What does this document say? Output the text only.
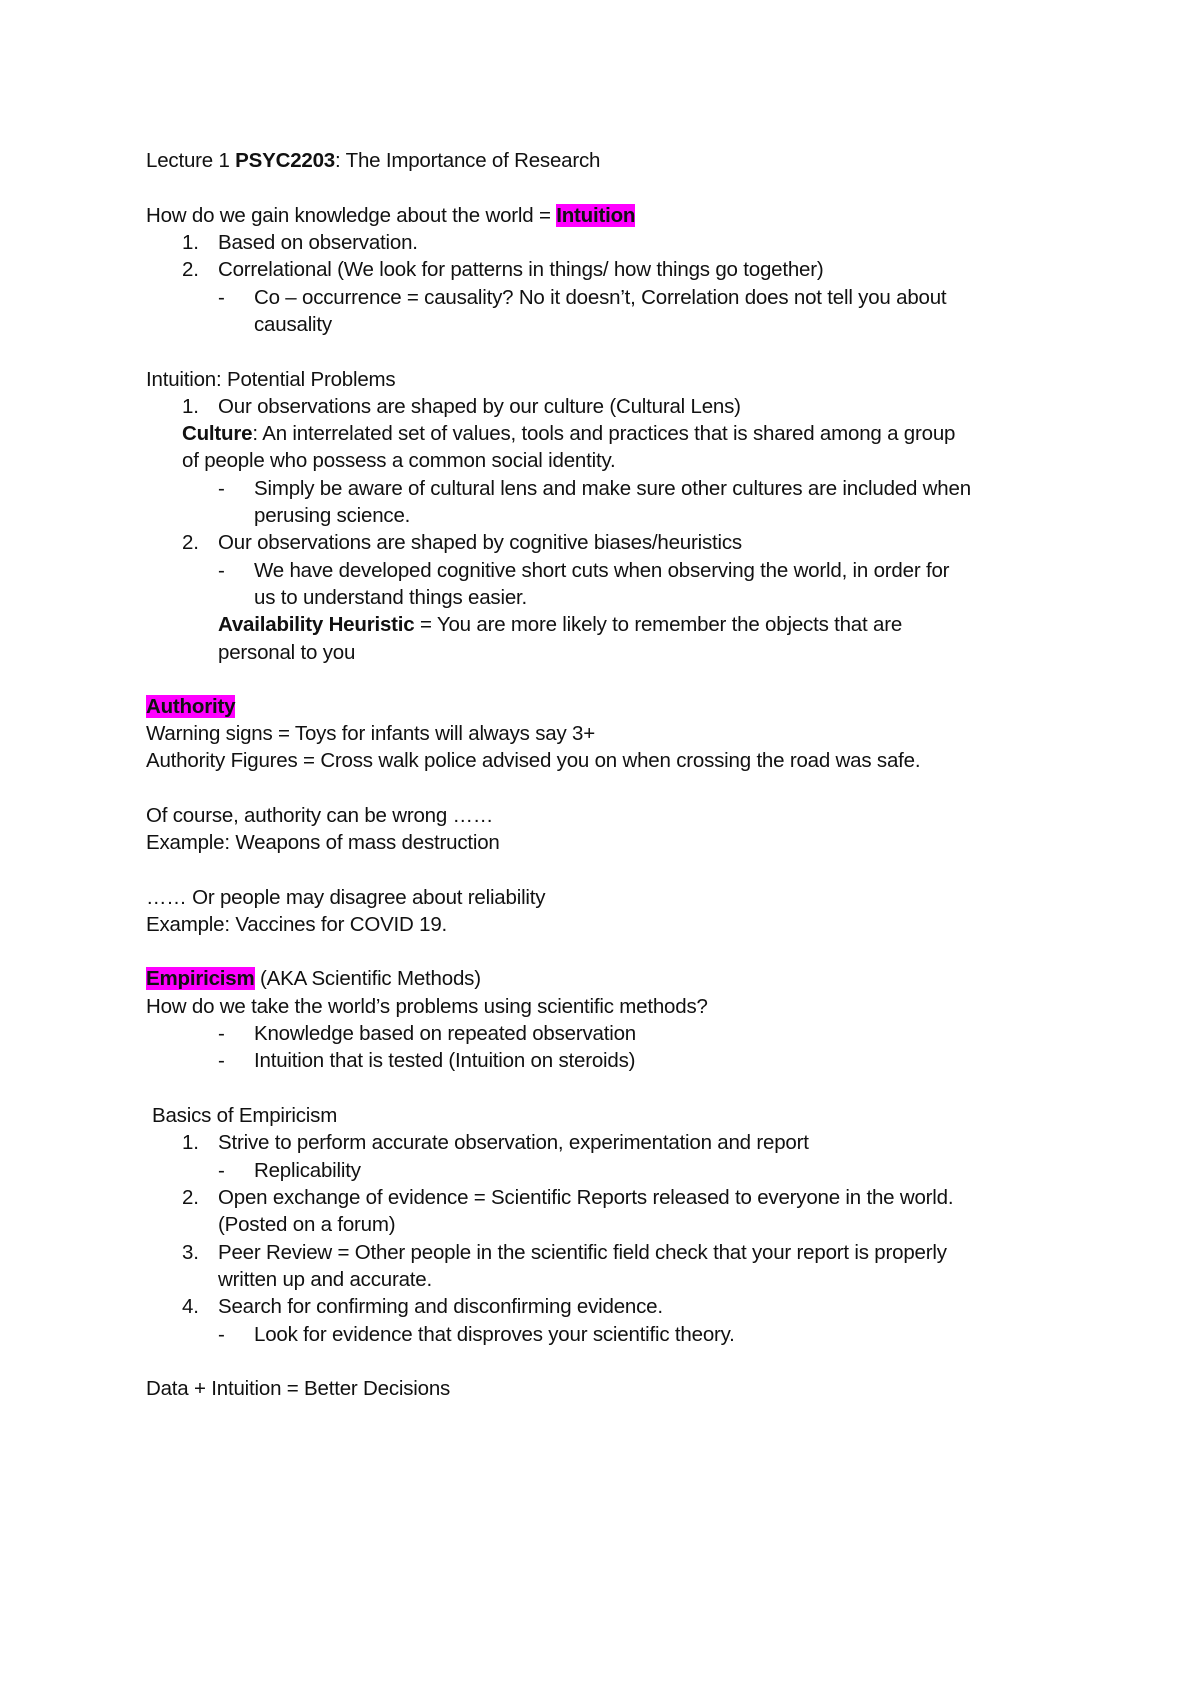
Lecture 1 PSYC2203: The Importance of Research
How do we gain knowledge about the world = Intuition
1. Based on observation.
2. Correlational (We look for patterns in things/ how things go together)
- Co – occurrence = causality? No it doesn’t, Correlation does not tell you about
causality
Intuition: Potential Problems
1. Our observations are shaped by our culture (Cultural Lens)
Culture: An interrelated set of values, tools and practices that is shared among a group
of people who possess a common social identity.
- Simply be aware of cultural lens and make sure other cultures are included when
perusing science.
2. Our observations are shaped by cognitive biases/heuristics
- We have developed cognitive short cuts when observing the world, in order for
us to understand things easier.
Availability Heuristic = You are more likely to remember the objects that are
personal to you
Authority
Warning signs = Toys for infants will always say 3+
Authority Figures = Cross walk police advised you on when crossing the road was safe.
Of course, authority can be wrong ……
Example: Weapons of mass destruction
…… Or people may disagree about reliability
Example: Vaccines for COVID 19.
Empiricism (AKA Scientific Methods)
How do we take the world’s problems using scientific methods?
- Knowledge based on repeated observation
- Intuition that is tested (Intuition on steroids)
Basics of Empiricism
1. Strive to perform accurate observation, experimentation and report
- Replicability
2. Open exchange of evidence = Scientific Reports released to everyone in the world.
(Posted on a forum)
3. Peer Review = Other people in the scientific field check that your report is properly
written up and accurate.
4. Search for confirming and disconfirming evidence.
- Look for evidence that disproves your scientific theory.
Data + Intuition = Better Decisions
